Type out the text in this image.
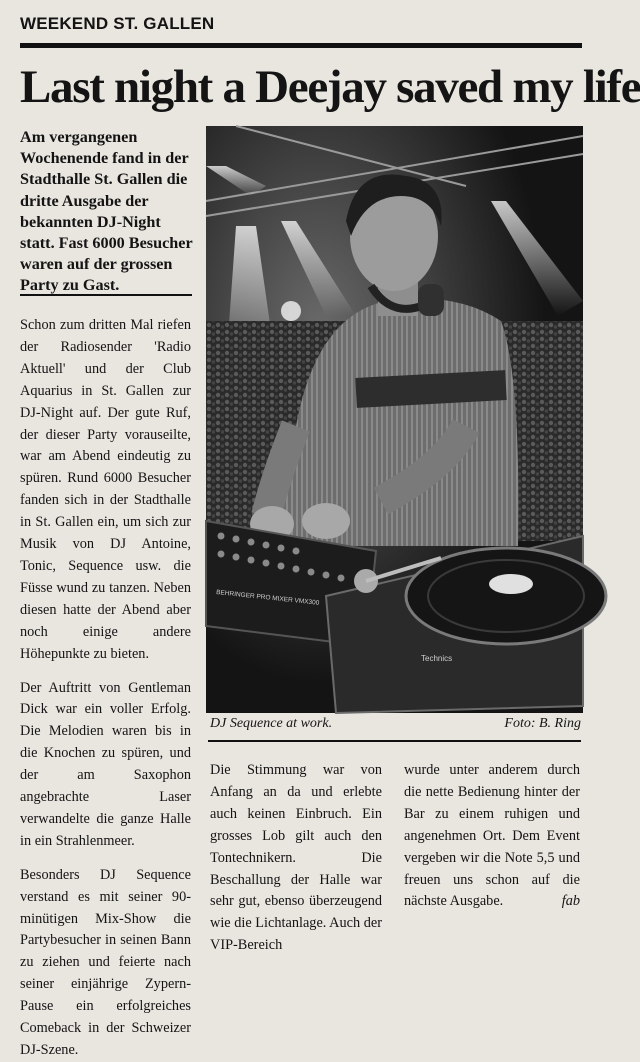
WEEKEND ST. GALLEN
Last night a Deejay saved my life
Am vergangenen Wochenende fand in der Stadthalle St. Gallen die dritte Ausgabe der bekannten DJ-Night statt. Fast 6000 Besucher waren auf der grossen Party zu Gast.

Schon zum dritten Mal riefen der Radiosender 'Radio Aktuell' und der Club Aquarius in St. Gallen zur DJ-Night auf. Der gute Ruf, der dieser Party vorauseilte, war am Abend eindeutig zu spüren. Rund 6000 Besucher fanden sich in der Stadthalle in St. Gallen ein, um sich zur Musik von DJ Antoine, Tonic, Sequence usw. die Füsse wund zu tanzen. Neben diesen hatte der Abend aber noch einige andere Höhepunkte zu bieten.

Der Auftritt von Gentleman Dick war ein voller Erfolg. Die Melodien waren bis in die Knochen zu spüren, und der am Saxophon angebrachte Laser verwandelte die ganze Halle in ein Strahlenmeer.

Besonders DJ Sequence verstand es mit seiner 90-minütigen Mix-Show die Partybesucher in seinen Bann zu ziehen und feierte nach seiner einjährige Zypern-Pause ein erfolgreiches Comeback in der Schweizer DJ-Szene.

BEHRINGER PRO MIXER VMX300
Technics
DJ Sequence at work.	Foto: B. Ring

Die Stimmung war von Anfang an da und erlebte auch keinen Einbruch. Ein grosses Lob gilt auch den Tontechnikern. Die Beschallung der Halle war sehr gut, ebenso überzeugend wie die Lichtanlage. Auch der VIP-Bereich

wurde unter anderem durch die nette Bedienung hinter der Bar zu einem ruhigen und angenehmen Ort. Dem Event vergeben wir die Note 5,5 und freuen uns schon auf die nächste Ausgabe.	fab
